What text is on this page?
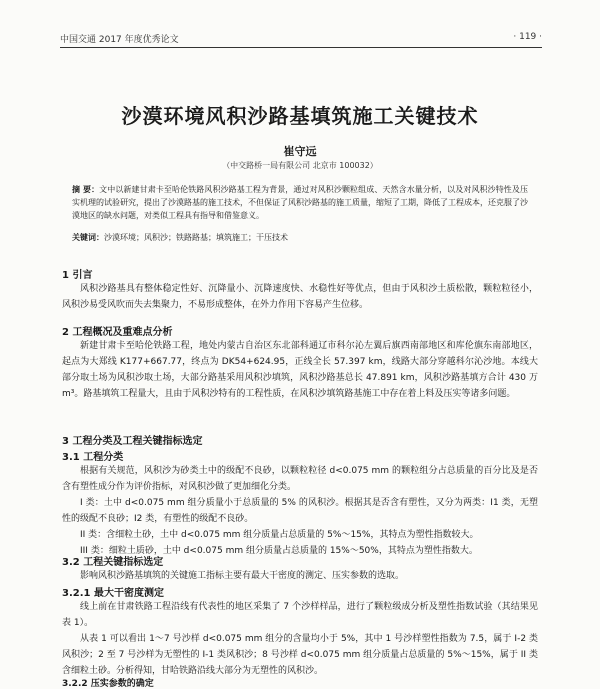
中国交通 2017 年度优秀论文	· 119 ·
沙漠环境风积沙路基填筑施工关键技术
崔守远
（中交路桥一局有限公司 北京市 100032）
摘 要：文中以新建甘肃卡至哈伦铁路风积沙路基工程为背景，通过对风积沙颗粒组成、天然含水量分析，以及对风积沙特性及压实机理的试验研究，提出了沙漠路基的施工技术，不但保证了风积沙路基的施工质量，缩短了工期，降低了工程成本，还克服了沙漠地区的缺水问题，对类似工程具有指导和借鉴意义。
关键词：沙漠环境；风积沙；铁路路基；填筑施工；干压技术
1 引言

风积沙路基具有整体稳定性好、沉降量小、沉降速度快、水稳性好等优点，但由于风积沙土质松散，颗粒粒径小，风积沙易受风吹而失去集聚力，不易形成整体，在外力作用下容易产生位移。

2 工程概况及重难点分析

新建甘肃卡至哈伦铁路工程，地处内蒙古自治区东北部科通辽市科尔沁左翼后旗西南部地区和库伦旗东南部地区，起点为大郑线 K177+667.77，终点为 DK54+624.95，正线全长 57.397 km，线路大部分穿越科尔沁沙地。本线大部分取土场为风积沙取土场，大部分路基采用风积沙填筑，风积沙路基总长 47.891 km，风积沙路基填方合计 430 万 m³。路基填筑工程量大，且由于风积沙特有的工程性质，在风积沙填筑路基施工中存在着上料及压实等诸多问题。

3 工程分类及工程关键指标选定
3.1 工程分类

根据有关规范，风积沙为砂类土中的级配不良砂，以颗粒粒径 d<0.075 mm 的颗粒组分占总质量的百分比及是否含有塑性成分作为评价指标，对风积沙做了更加细化分类。

I 类：土中 d<0.075 mm 组分质量小于总质量的 5% 的风积沙。根据其是否含有塑性，又分为两类：I1 类，无塑性的级配不良砂；I2 类，有塑性的级配不良砂。

II 类：含细粒土砂，土中 d<0.075 mm 组分质量占总质量的 5%～15%，其特点为塑性指数较大。

III 类：细粒土质砂，土中 d<0.075 mm 组分质量占总质量的 15%～50%，其特点为塑性指数大。

3.2 工程关键指标选定

影响风积沙路基填筑的关键施工指标主要有最大干密度的测定、压实参数的选取。

3.2.1 最大干密度测定

线上前在甘肃铁路工程沿线有代表性的地区采集了 7 个沙样样品，进行了颗粒级成分析及塑性指数试验（其结果见表 1）。

从表 1 可以看出 1～7 号沙样 d<0.075 mm 组分的含量均小于 5%，其中 1 号沙样塑性指数为 7.5，属于 I-2 类风积沙；2 至 7 号沙样为无塑性的 I-1 类风积沙；8 号沙样 d<0.075 mm 组分质量占总质量的 5%～15%，属于 II 类含细粒土砂。分析得知，甘哈铁路沿线大部分为无塑性的风积沙。

3.2.2 压实参数的确定
